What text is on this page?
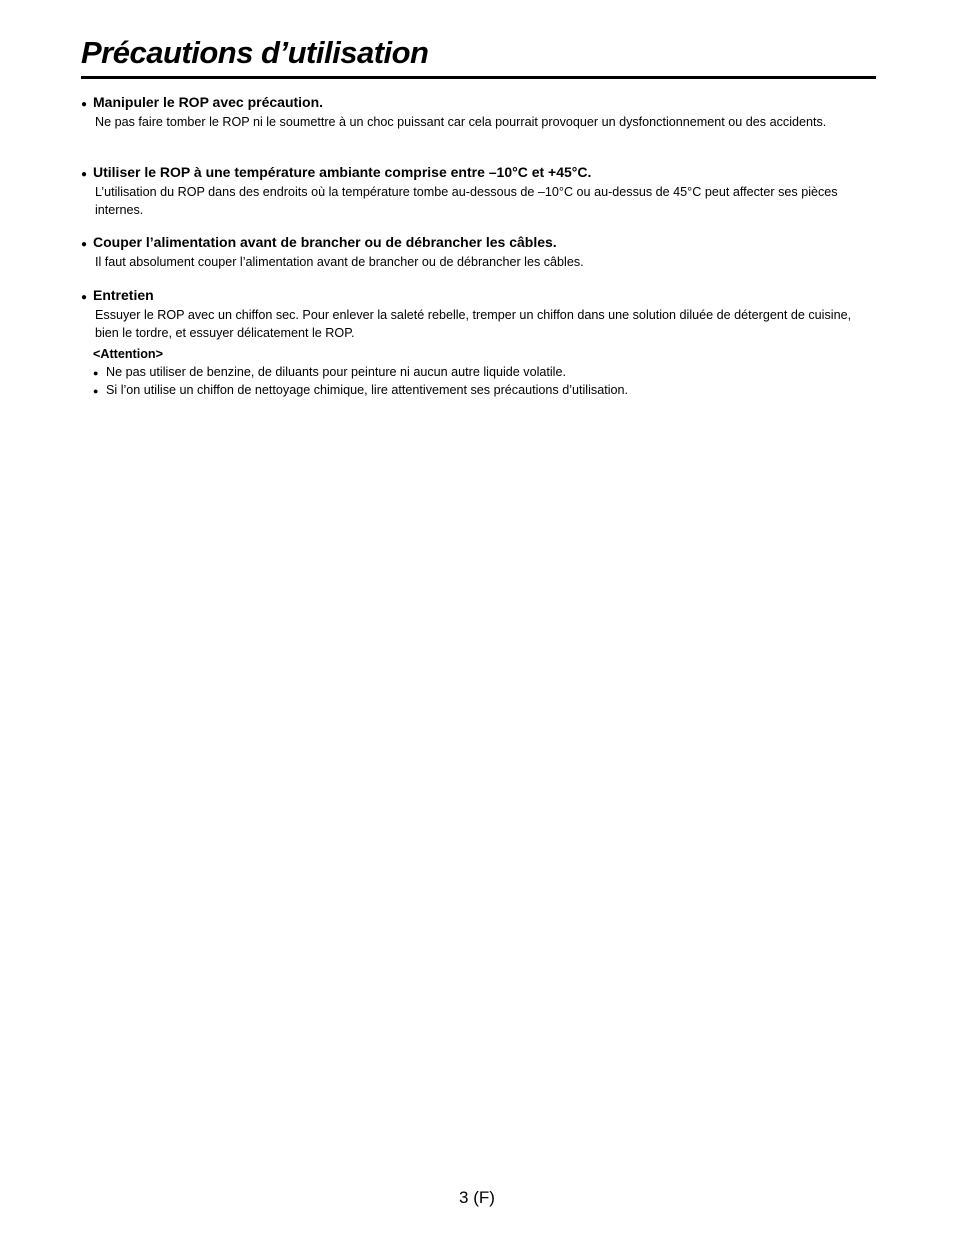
Précautions d’utilisation
● Manipuler le ROP avec précaution.
Ne pas faire tomber le ROP ni le soumettre à un choc puissant car cela pourrait provoquer un dysfonctionnement ou des accidents.
● Utiliser le ROP à une température ambiante comprise entre –10°C et +45°C.
L’utilisation du ROP dans des endroits où la température tombe au-dessous de –10°C ou au-dessus de 45°C peut affecter ses pièces internes.
● Couper l’alimentation avant de brancher ou de débrancher les câbles.
Il faut absolument couper l’alimentation avant de brancher ou de débrancher les câbles.
● Entretien
Essuyer le ROP avec un chiffon sec. Pour enlever la saleté rebelle, tremper un chiffon dans une solution diluée de détergent de cuisine, bien le tordre, et essuyer délicatement le ROP.
<Attention>
● Ne pas utiliser de benzine, de diluants pour peinture ni aucun autre liquide volatile.
● Si l’on utilise un chiffon de nettoyage chimique, lire attentivement ses précautions d’utilisation.
3 (F)
